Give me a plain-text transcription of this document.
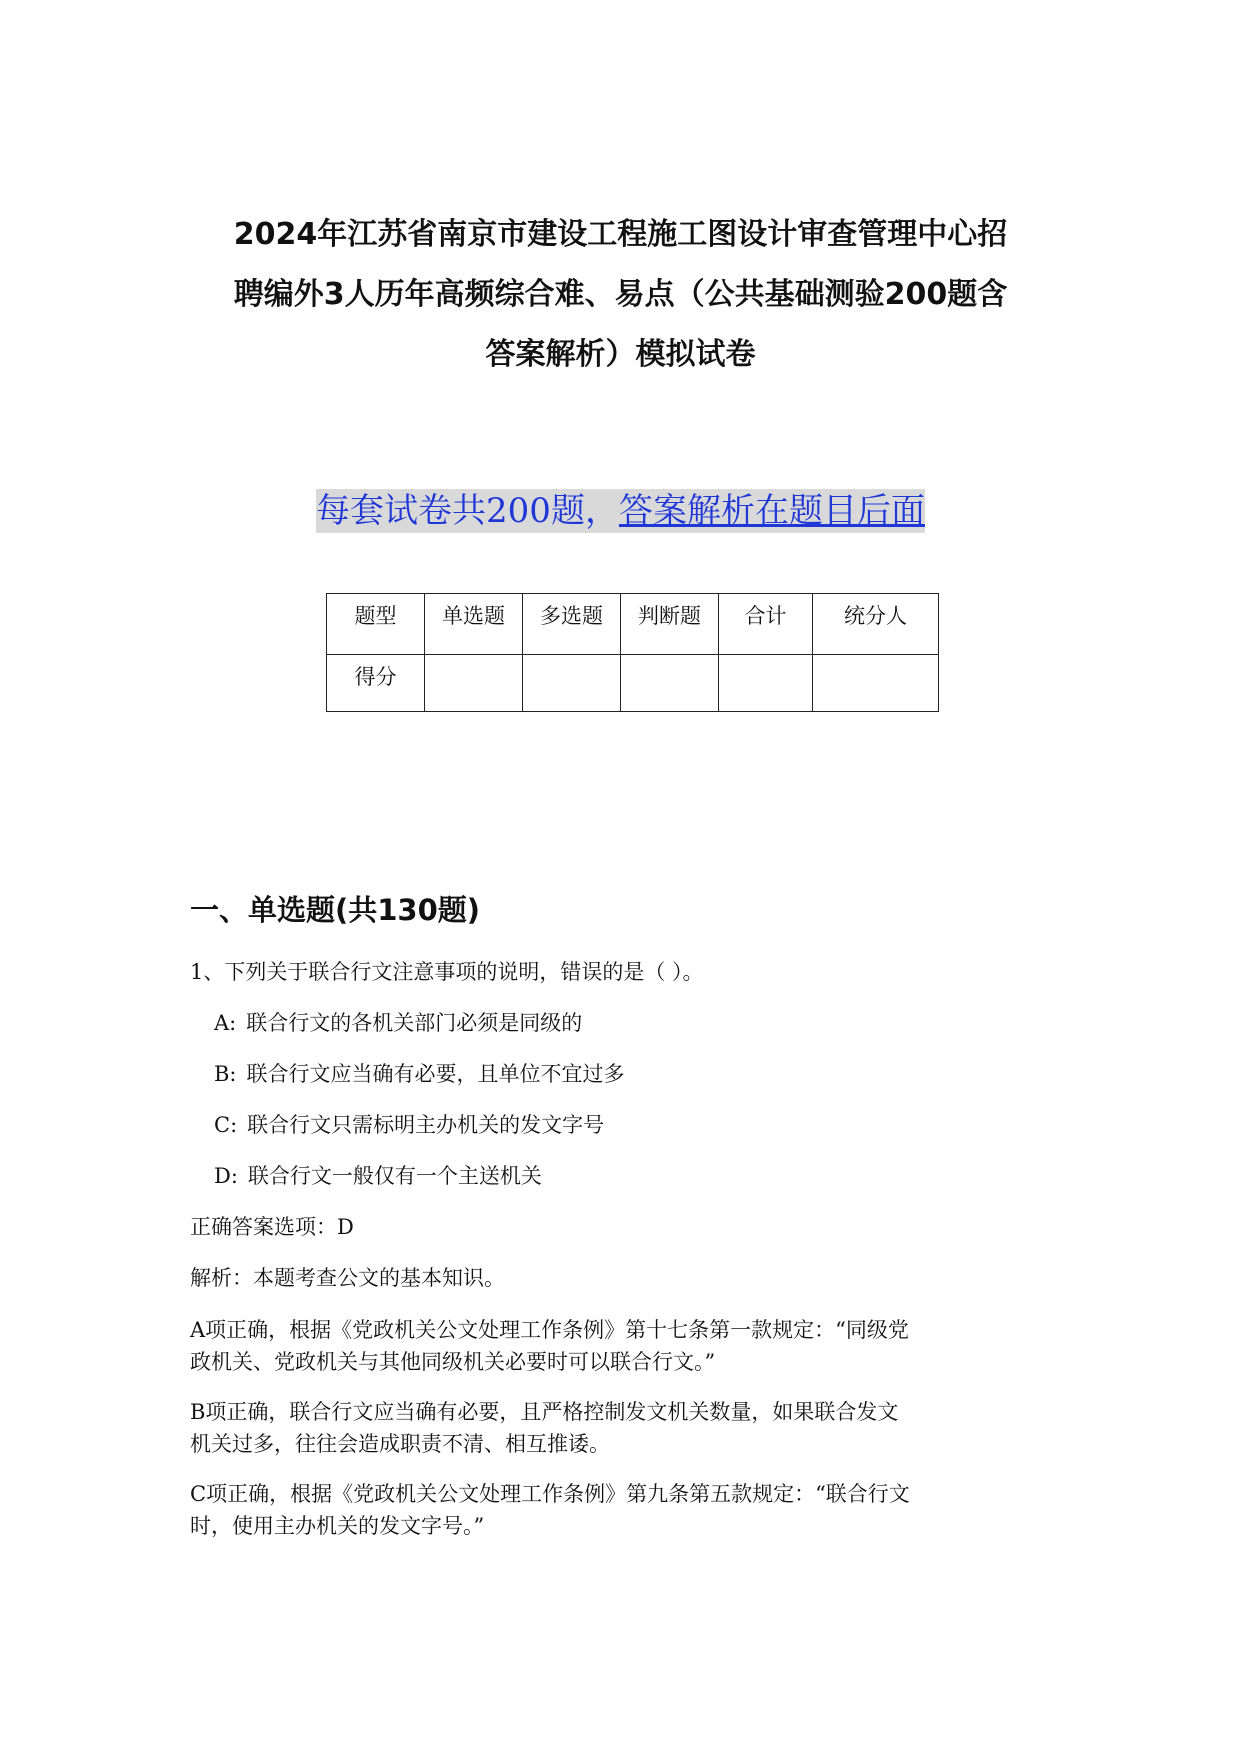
2024年江苏省南京市建设工程施工图设计审查管理中心招
聘编外3人历年高频综合难、易点（公共基础测验200题含
答案解析）模拟试卷
每套试卷共200题，答案解析在题目后面
题型	单选题	多选题	判断题	合计	统分人
得分					
一、单选题(共130题)
1、下列关于联合行文注意事项的说明，错误的是（ ）。
A: 联合行文的各机关部门必须是同级的
B: 联合行文应当确有必要，且单位不宜过多
C: 联合行文只需标明主办机关的发文字号
D: 联合行文一般仅有一个主送机关
正确答案选项：D
解析：本题考查公文的基本知识。
A项正确，根据《党政机关公文处理工作条例》第十七条第一款规定：“同级党
政机关、党政机关与其他同级机关必要时可以联合行文。”
B项正确，联合行文应当确有必要，且严格控制发文机关数量，如果联合发文
机关过多，往往会造成职责不清、相互推诿。
C项正确，根据《党政机关公文处理工作条例》第九条第五款规定：“联合行文
时，使用主办机关的发文字号。”
